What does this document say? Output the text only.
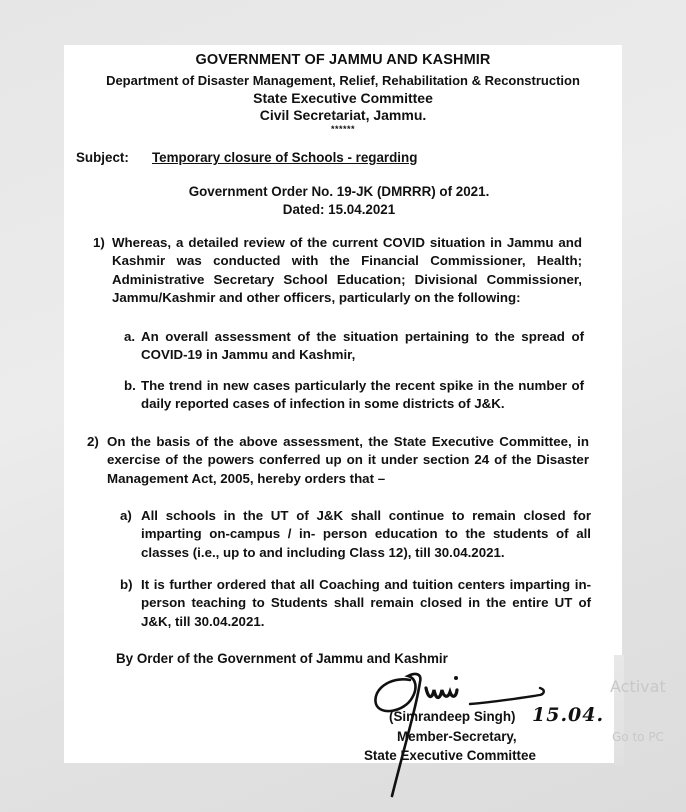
GOVERNMENT OF JAMMU AND KASHMIR
Department of Disaster Management, Relief, Rehabilitation & Reconstruction
State Executive Committee
Civil Secretariat, Jammu.
******
Subject: Temporary closure of Schools - regarding
Government Order No. 19-JK (DMRRR) of 2021.
Dated: 15.04.2021
1) Whereas, a detailed review of the current COVID situation in Jammu and
Kashmir was conducted with the Financial Commissioner, Health;
Administrative Secretary School Education; Divisional Commissioner,
Jammu/Kashmir and other officers, particularly on the following:
a. An overall assessment of the situation pertaining to the spread of
COVID-19 in Jammu and Kashmir,
b. The trend in new cases particularly the recent spike in the number of
daily reported cases of infection in some districts of J&K.
2) On the basis of the above assessment, the State Executive Committee, in
exercise of the powers conferred up on it under section 24 of the Disaster
Management Act, 2005, hereby orders that –
a) All schools in the UT of J&K shall continue to remain closed for
imparting on-campus / in- person education to the students of all
classes (i.e., up to and including Class 12), till 30.04.2021.
b) It is further ordered that all Coaching and tuition centers imparting in-
person teaching to Students shall remain closed in the entire UT of
J&K, till 30.04.2021.
By Order of the Government of Jammu and Kashmir
(Simrandeep Singh) 15.04.
Member-Secretary,
State Executive Committee
Activat
Go to PC
